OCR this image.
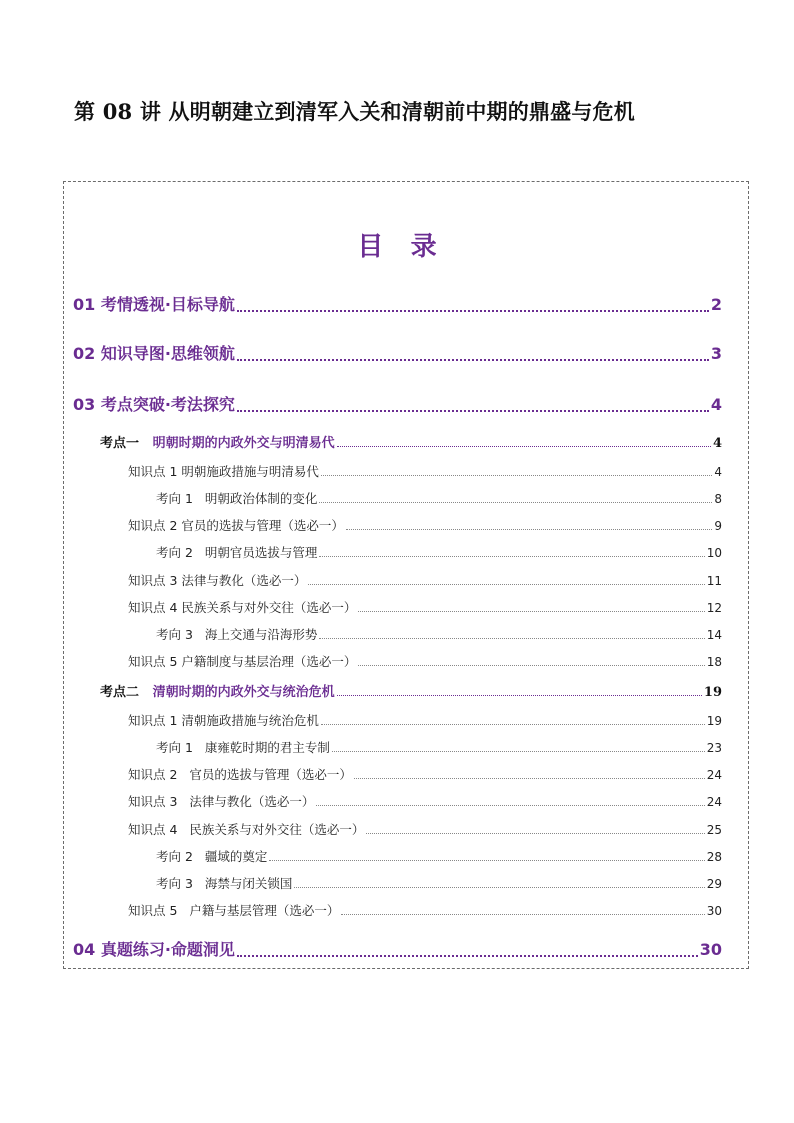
第 08 讲 从明朝建立到清军入关和清朝前中期的鼎盛与危机
目   录
01 考情透视·目标导航	2
02 知识导图·思维领航	3
03 考点突破·考法探究	4
考点一   明朝时期的内政外交与明清易代	4
知识点 1 明朝施政措施与明清易代	4
考向 1   明朝政治体制的变化	8
知识点 2 官员的选拔与管理（选必一）	9
考向 2   明朝官员选拔与管理	10
知识点 3 法律与教化（选必一）	11
知识点 4 民族关系与对外交往（选必一）	12
考向 3   海上交通与沿海形势	14
知识点 5 户籍制度与基层治理（选必一）	18
考点二   清朝时期的内政外交与统治危机	19
知识点 1 清朝施政措施与统治危机	19
考向 1   康雍乾时期的君主专制	23
知识点 2   官员的选拔与管理（选必一）	24
知识点 3   法律与教化（选必一）	24
知识点 4   民族关系与对外交往（选必一）	25
考向 2   疆域的奠定	28
考向 3   海禁与闭关锁国	29
知识点 5   户籍与基层管理（选必一）	30
04 真题练习·命题洞见	30
